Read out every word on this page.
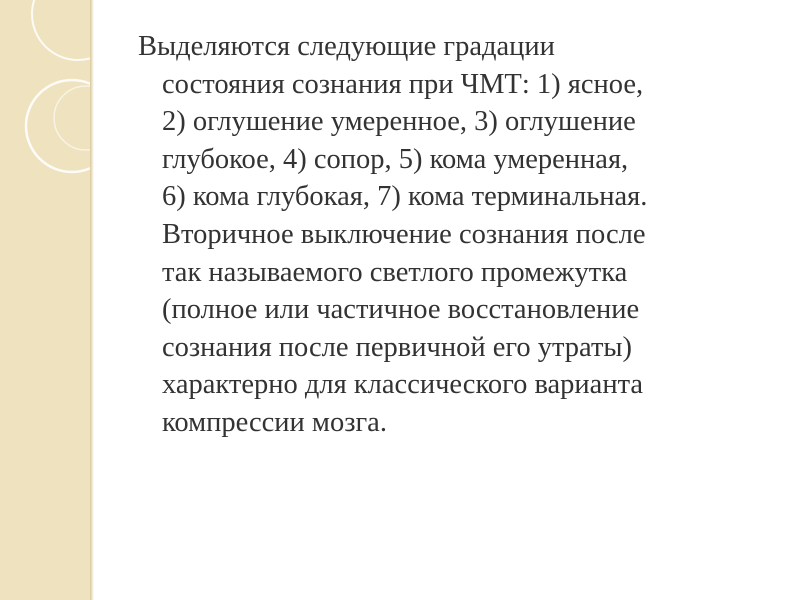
Выделяются следующие градации
состояния сознания при ЧМТ: 1) ясное,
2) оглушение умеренное, 3) оглушение
глубокое, 4) сопор, 5) кома умеренная,
6) кома глубокая, 7) кома терминальная.
Вторичное выключение сознания после
так называемого светлого промежутка
(полное или частичное восстановление
сознания после первичной его утраты)
характерно для классического варианта
компрессии мозга.
